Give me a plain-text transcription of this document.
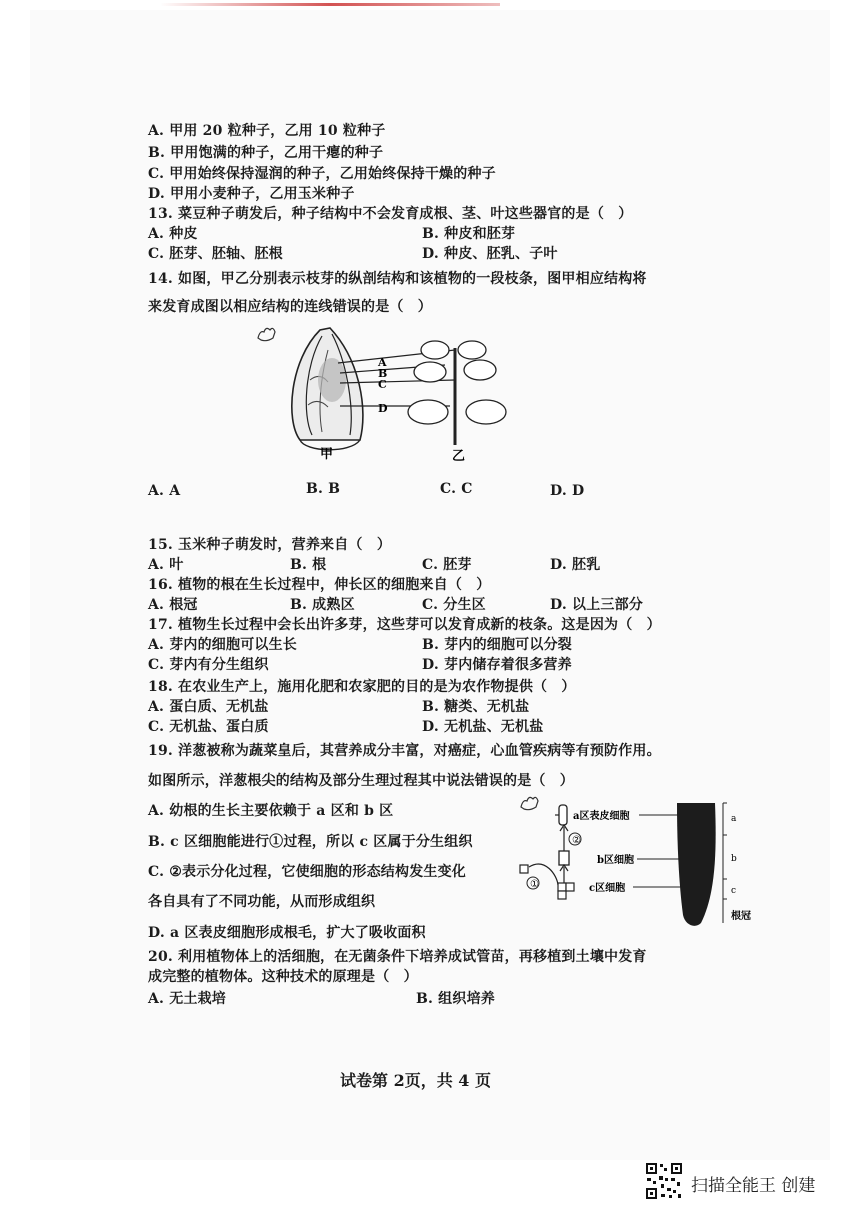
A. 甲用 20 粒种子，乙用 10 粒种子
B. 甲用饱满的种子，乙用干瘪的种子
C. 甲用始终保持湿润的种子，乙用始终保持干燥的种子
D. 甲用小麦种子，乙用玉米种子
13. 菜豆种子萌发后，种子结构中不会发育成根、茎、叶这些器官的是（　）
A. 种皮	B. 种皮和胚芽
C. 胚芽、胚轴、胚根	D. 种皮、胚乳、子叶
14. 如图，甲乙分别表示枝芽的纵剖结构和该植物的一段枝条，图甲相应结构将
来发育成图以相应结构的连线错误的是（　）
A
B
C
D
甲	乙
A. A	B. B	C. C	D. D
15. 玉米种子萌发时，营养来自（　）
A. 叶	B. 根	C. 胚芽	D. 胚乳
16. 植物的根在生长过程中，伸长区的细胞来自（　）
A. 根冠	B. 成熟区	C. 分生区	D. 以上三部分
17. 植物生长过程中会长出许多芽，这些芽可以发育成新的枝条。这是因为（　）
A. 芽内的细胞可以生长	B. 芽内的细胞可以分裂
C. 芽内有分生组织	D. 芽内储存着很多营养
18. 在农业生产上，施用化肥和农家肥的目的是为农作物提供（　）
A. 蛋白质、无机盐	B. 糖类、无机盐
C. 无机盐、蛋白质	D. 无机盐、无机盐
19. 洋葱被称为蔬菜皇后，其营养成分丰富，对癌症，心血管疾病等有预防作用。
如图所示，洋葱根尖的结构及部分生理过程其中说法错误的是（　）
A. 幼根的生长主要依赖于 a 区和 b 区
B. c 区细胞能进行①过程，所以 c 区属于分生组织
C. ②表示分化过程，它使细胞的形态结构发生变化
各自具有了不同功能，从而形成组织
D. a 区表皮细胞形成根毛，扩大了吸收面积
②
①
a区表皮细胞
b区细胞
c区细胞
a
b
c
根冠
20. 利用植物体上的活细胞，在无菌条件下培养成试管苗，再移植到土壤中发育
成完整的植物体。这种技术的原理是（　）
A. 无土栽培	B. 组织培养
试卷第 2页，共 4 页
扫描全能王 创建
